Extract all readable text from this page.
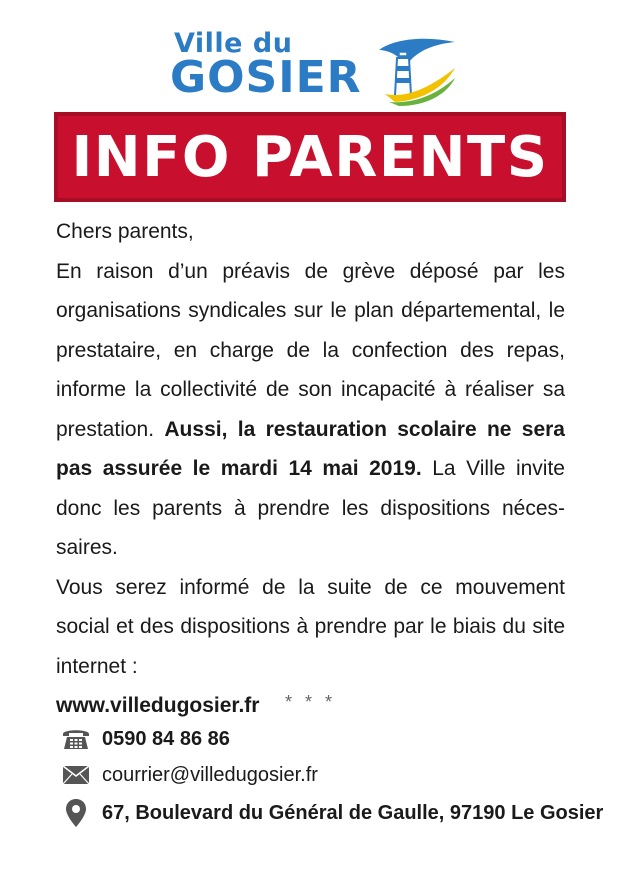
Ville du
GOSIER
INFO PARENTS

Chers parents,

En raison d’un préavis de grève déposé par les organisations syndicales sur le plan départemental, le prestataire, en charge de la confection des repas, informe la collectivité de son incapacité à réaliser sa prestation. Aussi, la restauration scolaire ne sera pas assurée le mardi 14 mai 2019. La Ville invite donc les parents à prendre les dispositions néces-saires.

Vous serez informé de la suite de ce mouvement social et des dispositions à prendre par le biais du site internet :

www.villedugosier.fr	* * *
0590 84 86 86
courrier@villedugosier.fr
67, Boulevard du Général de Gaulle, 97190 Le Gosier
